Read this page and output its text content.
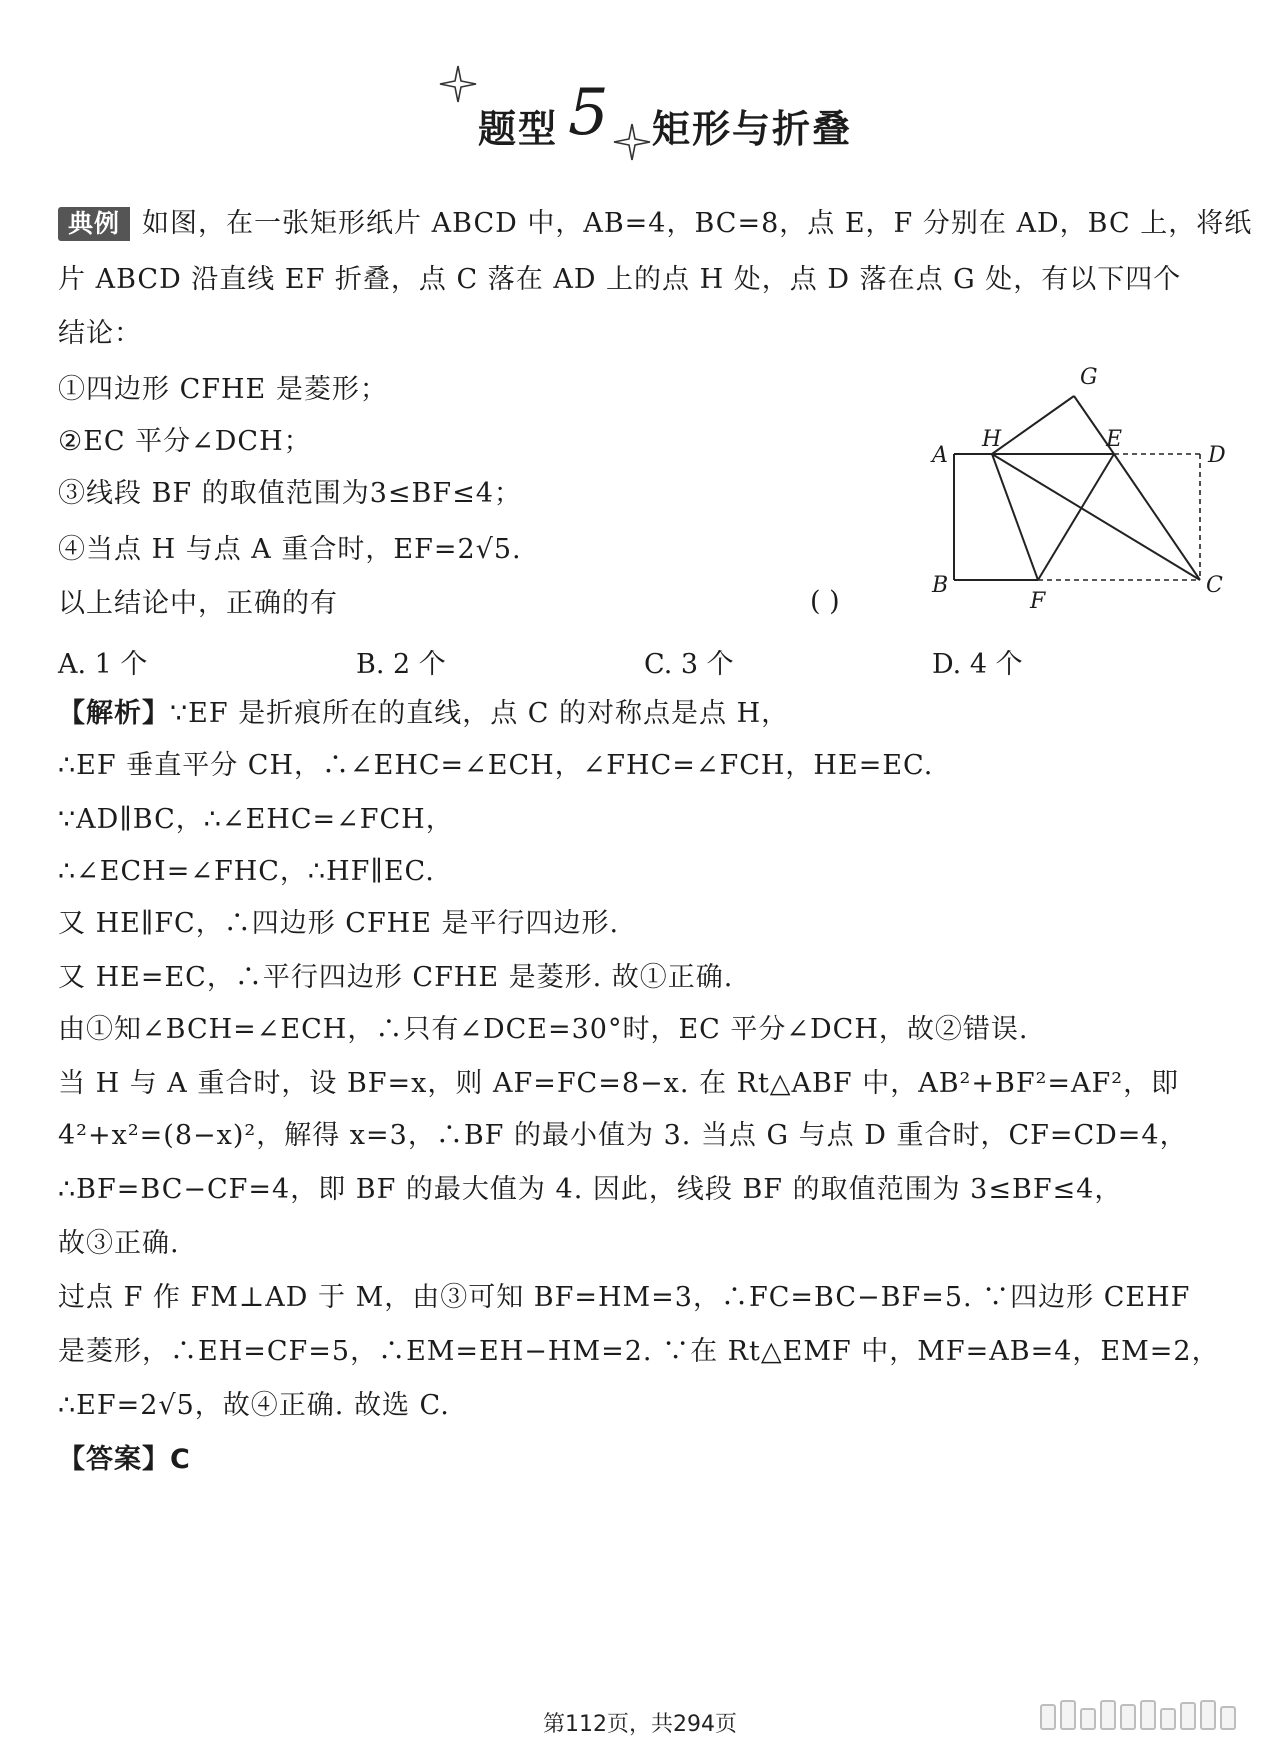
题型 5 矩形与折叠
典例 如图，在一张矩形纸片 ABCD 中，AB=4，BC=8，点 E，F 分别在 AD，BC 上，将纸
片 ABCD 沿直线 EF 折叠，点 C 落在 AD 上的点 H 处，点 D 落在点 G 处，有以下四个
结论：
①四边形 CFHE 是菱形；
②EC 平分∠DCH；
③线段 BF 的取值范围为3≤BF≤4；
④当点 H 与点 A 重合时，EF=2√5.
以上结论中，正确的有	( )
A. 1 个	B. 2 个	C. 3 个	D. 4 个
A
B	C
D
E
F
G
H
【解析】∵EF 是折痕所在的直线，点 C 的对称点是点 H，
∴EF 垂直平分 CH，∴∠EHC=∠ECH，∠FHC=∠FCH，HE=EC.
∵AD∥BC，∴∠EHC=∠FCH，
∴∠ECH=∠FHC，∴HF∥EC.
又 HE∥FC，∴四边形 CFHE 是平行四边形.
又 HE=EC，∴平行四边形 CFHE 是菱形. 故①正确.
由①知∠BCH=∠ECH，∴只有∠DCE=30°时，EC 平分∠DCH，故②错误.
当 H 与 A 重合时，设 BF=x，则 AF=FC=8−x. 在 Rt△ABF 中，AB²+BF²=AF²，即
4²+x²=(8−x)²，解得 x=3，∴BF 的最小值为 3. 当点 G 与点 D 重合时，CF=CD=4，
∴BF=BC−CF=4，即 BF 的最大值为 4. 因此，线段 BF 的取值范围为 3≤BF≤4，
故③正确.
过点 F 作 FM⊥AD 于 M，由③可知 BF=HM=3，∴FC=BC−BF=5. ∵四边形 CEHF
是菱形，∴EH=CF=5，∴EM=EH−HM=2. ∵在 Rt△EMF 中，MF=AB=4，EM=2，
∴EF=2√5，故④正确. 故选 C.
【答案】C
第112页，共294页
